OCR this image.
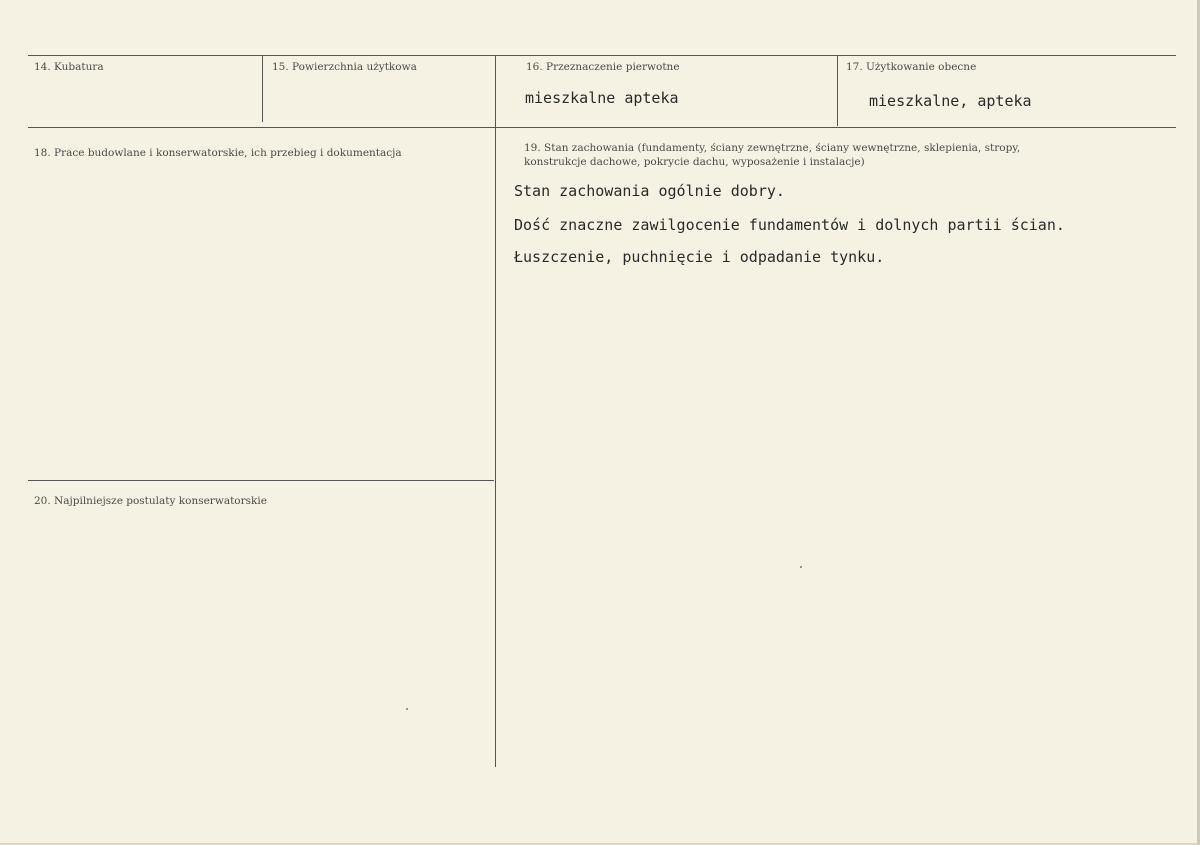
14. Kubatura	15. Powierzchnia użytkowa	16. Przeznaczenie pierwotne
mieszkalne apteka
17. Użytkowanie obecne
mieszkalne, apteka
18. Prace budowlane i konserwatorskie, ich przebieg i dokumentacja	19. Stan zachowania (fundamenty, ściany zewnętrzne, ściany wewnętrzne, sklepienia, stropy, konstrukcje dachowe, pokrycie dachu, wyposażenie i instalacje)
Stan zachowania ogólnie dobry.
Dość znaczne zawilgocenie fundamentów i dolnych partii ścian.
Łuszczenie, puchnięcie i odpadanie tynku.
20. Najpilniejsze postulaty konserwatorskie
